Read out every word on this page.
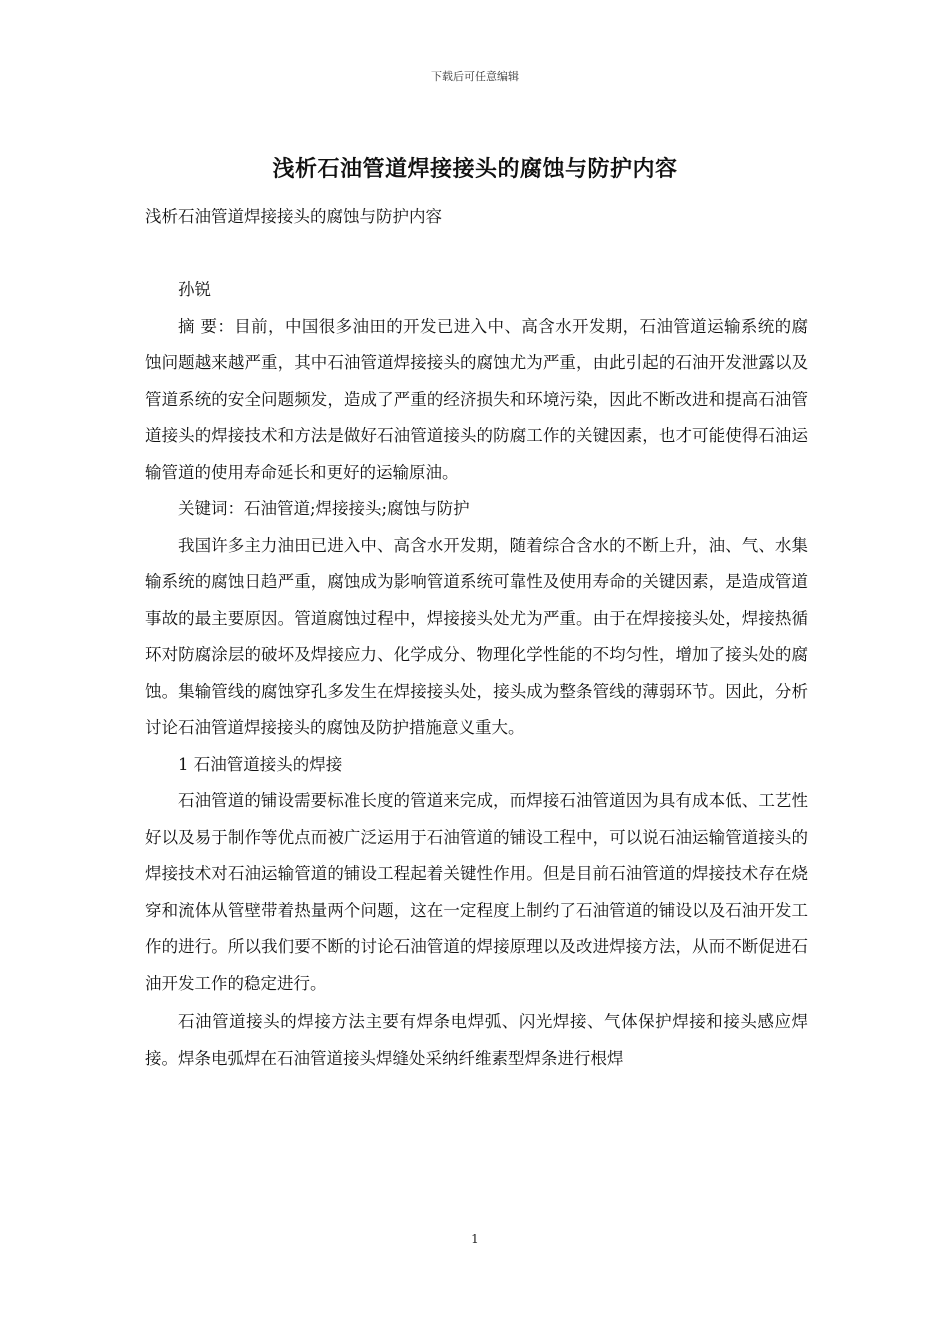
下载后可任意编辑
浅析石油管道焊接接头的腐蚀与防护内容

浅析石油管道焊接接头的腐蚀与防护内容

孙锐

摘 要：目前，中国很多油田的开发已进入中、高含水开发期，石油管道运输系统的腐蚀问题越来越严重，其中石油管道焊接接头的腐蚀尤为严重，由此引起的石油开发泄露以及管道系统的安全问题频发，造成了严重的经济损失和环境污染，因此不断改进和提高石油管道接头的焊接技术和方法是做好石油管道接头的防腐工作的关键因素，也才可能使得石油运输管道的使用寿命延长和更好的运输原油。

关键词：石油管道;焊接接头;腐蚀与防护

我国许多主力油田已进入中、高含水开发期，随着综合含水的不断上升，油、气、水集输系统的腐蚀日趋严重，腐蚀成为影响管道系统可靠性及使用寿命的关键因素，是造成管道事故的最主要原因。管道腐蚀过程中，焊接接头处尤为严重。由于在焊接接头处，焊接热循环对防腐涂层的破坏及焊接应力、化学成分、物理化学性能的不均匀性，增加了接头处的腐蚀。集输管线的腐蚀穿孔多发生在焊接接头处，接头成为整条管线的薄弱环节。因此，分析讨论石油管道焊接接头的腐蚀及防护措施意义重大。

1 石油管道接头的焊接

石油管道的铺设需要标准长度的管道来完成，而焊接石油管道因为具有成本低、工艺性好以及易于制作等优点而被广泛运用于石油管道的铺设工程中，可以说石油运输管道接头的焊接技术对石油运输管道的铺设工程起着关键性作用。但是目前石油管道的焊接技术存在烧穿和流体从管壁带着热量两个问题，这在一定程度上制约了石油管道的铺设以及石油开发工作的进行。所以我们要不断的讨论石油管道的焊接原理以及改进焊接方法，从而不断促进石油开发工作的稳定进行。

石油管道接头的焊接方法主要有焊条电焊弧、闪光焊接、气体保护焊接和接头感应焊接。焊条电弧焊在石油管道接头焊缝处采纳纤维素型焊条进行根焊

1
